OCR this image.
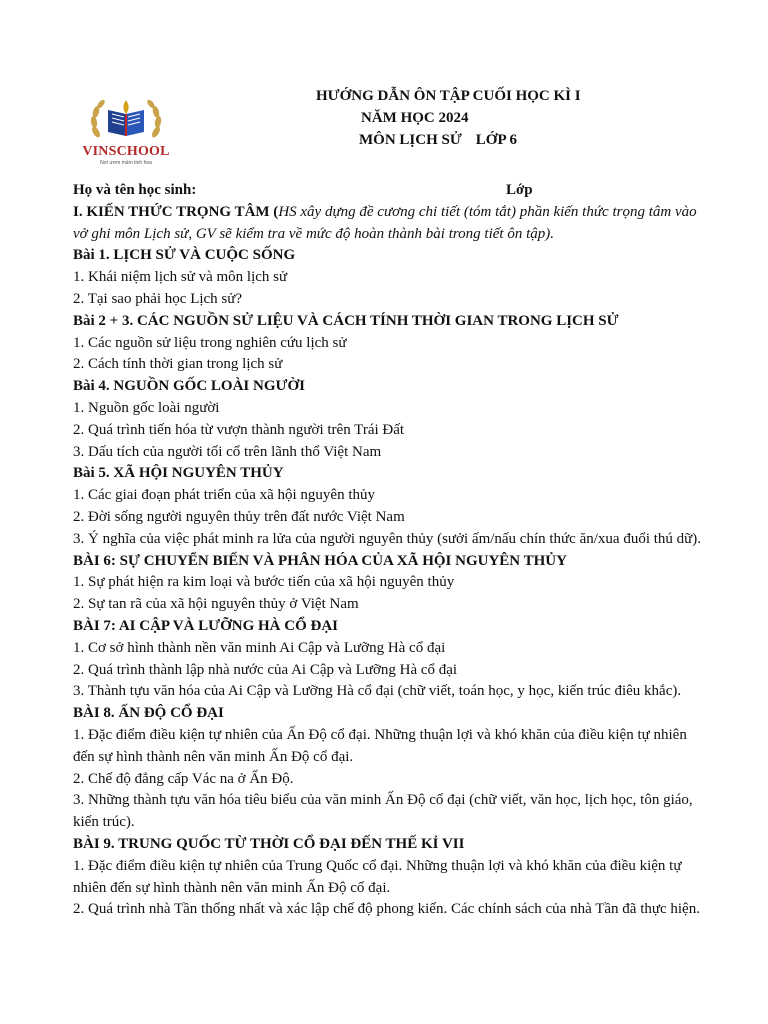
VINSCHOOL
Nơi ươm mầm tinh hoa
HƯỚNG DẪN ÔN TẬP CUỐI HỌC KÌ I
NĂM HỌC 2024
MÔN LỊCH SỬ LỚP 6
Họ và tên học sinh:	Lớp
I. KIẾN THỨC TRỌNG TÂM (HS xây dựng đề cương chi tiết (tóm tắt) phần kiến thức trọng tâm vào
vở ghi môn Lịch sử, GV sẽ kiểm tra về mức độ hoàn thành bài trong tiết ôn tập).
Bài 1. LỊCH SỬ VÀ CUỘC SỐNG
1. Khái niệm lịch sử và môn lịch sử
2. Tại sao phải học Lịch sử?
Bài 2 + 3. CÁC NGUỒN SỬ LIỆU VÀ CÁCH TÍNH THỜI GIAN TRONG LỊCH SỬ
1. Các nguồn sử liệu trong nghiên cứu lịch sử
2. Cách tính thời gian trong lịch sử
Bài 4. NGUỒN GỐC LOÀI NGƯỜI
1. Nguồn gốc loài người
2. Quá trình tiến hóa từ vượn thành người trên Trái Đất
3. Dấu tích của người tối cổ trên lãnh thổ Việt Nam
Bài 5. XÃ HỘI NGUYÊN THỦY
1. Các giai đoạn phát triển của xã hội nguyên thủy
2. Đời sống người nguyên thủy trên đất nước Việt Nam
3. Ý nghĩa của việc phát minh ra lửa của người nguyên thủy (sưởi ấm/nấu chín thức ăn/xua đuổi thú dữ).
BÀI 6: SỰ CHUYỂN BIẾN VÀ PHÂN HÓA CỦA XÃ HỘI NGUYÊN THỦY
1. Sự phát hiện ra kim loại và bước tiến của xã hội nguyên thủy
2. Sự tan rã của xã hội nguyên thủy ở Việt Nam
BÀI 7: AI CẬP VÀ LƯỠNG HÀ CỔ ĐẠI
1. Cơ sở hình thành nền văn minh Ai Cập và Lưỡng Hà cổ đại
2. Quá trình thành lập nhà nước của Ai Cập và Lưỡng Hà cổ đại
3. Thành tựu văn hóa của Ai Cập và Lưỡng Hà cổ đại (chữ viết, toán học, y học, kiến trúc điêu khắc).
BÀI 8. ẤN ĐỘ CỔ ĐẠI
1. Đặc điểm điều kiện tự nhiên của Ấn Độ cổ đại. Những thuận lợi và khó khăn của điều kiện tự nhiên
đến sự hình thành nên văn minh Ấn Độ cổ đại.
2. Chế độ đẳng cấp Vác na ở Ấn Độ.
3. Những thành tựu văn hóa tiêu biểu của văn minh Ấn Độ cổ đại (chữ viết, văn học, lịch học, tôn giáo,
kiến trúc).
BÀI 9. TRUNG QUỐC TỪ THỜI CỔ ĐẠI ĐẾN THẾ KỈ VII
1. Đặc điểm điều kiện tự nhiên của Trung Quốc cổ đại. Những thuận lợi và khó khăn của điều kiện tự
nhiên đến sự hình thành nên văn minh Ấn Độ cổ đại.
2. Quá trình nhà Tần thống nhất và xác lập chế độ phong kiến. Các chính sách của nhà Tần đã thực hiện.
